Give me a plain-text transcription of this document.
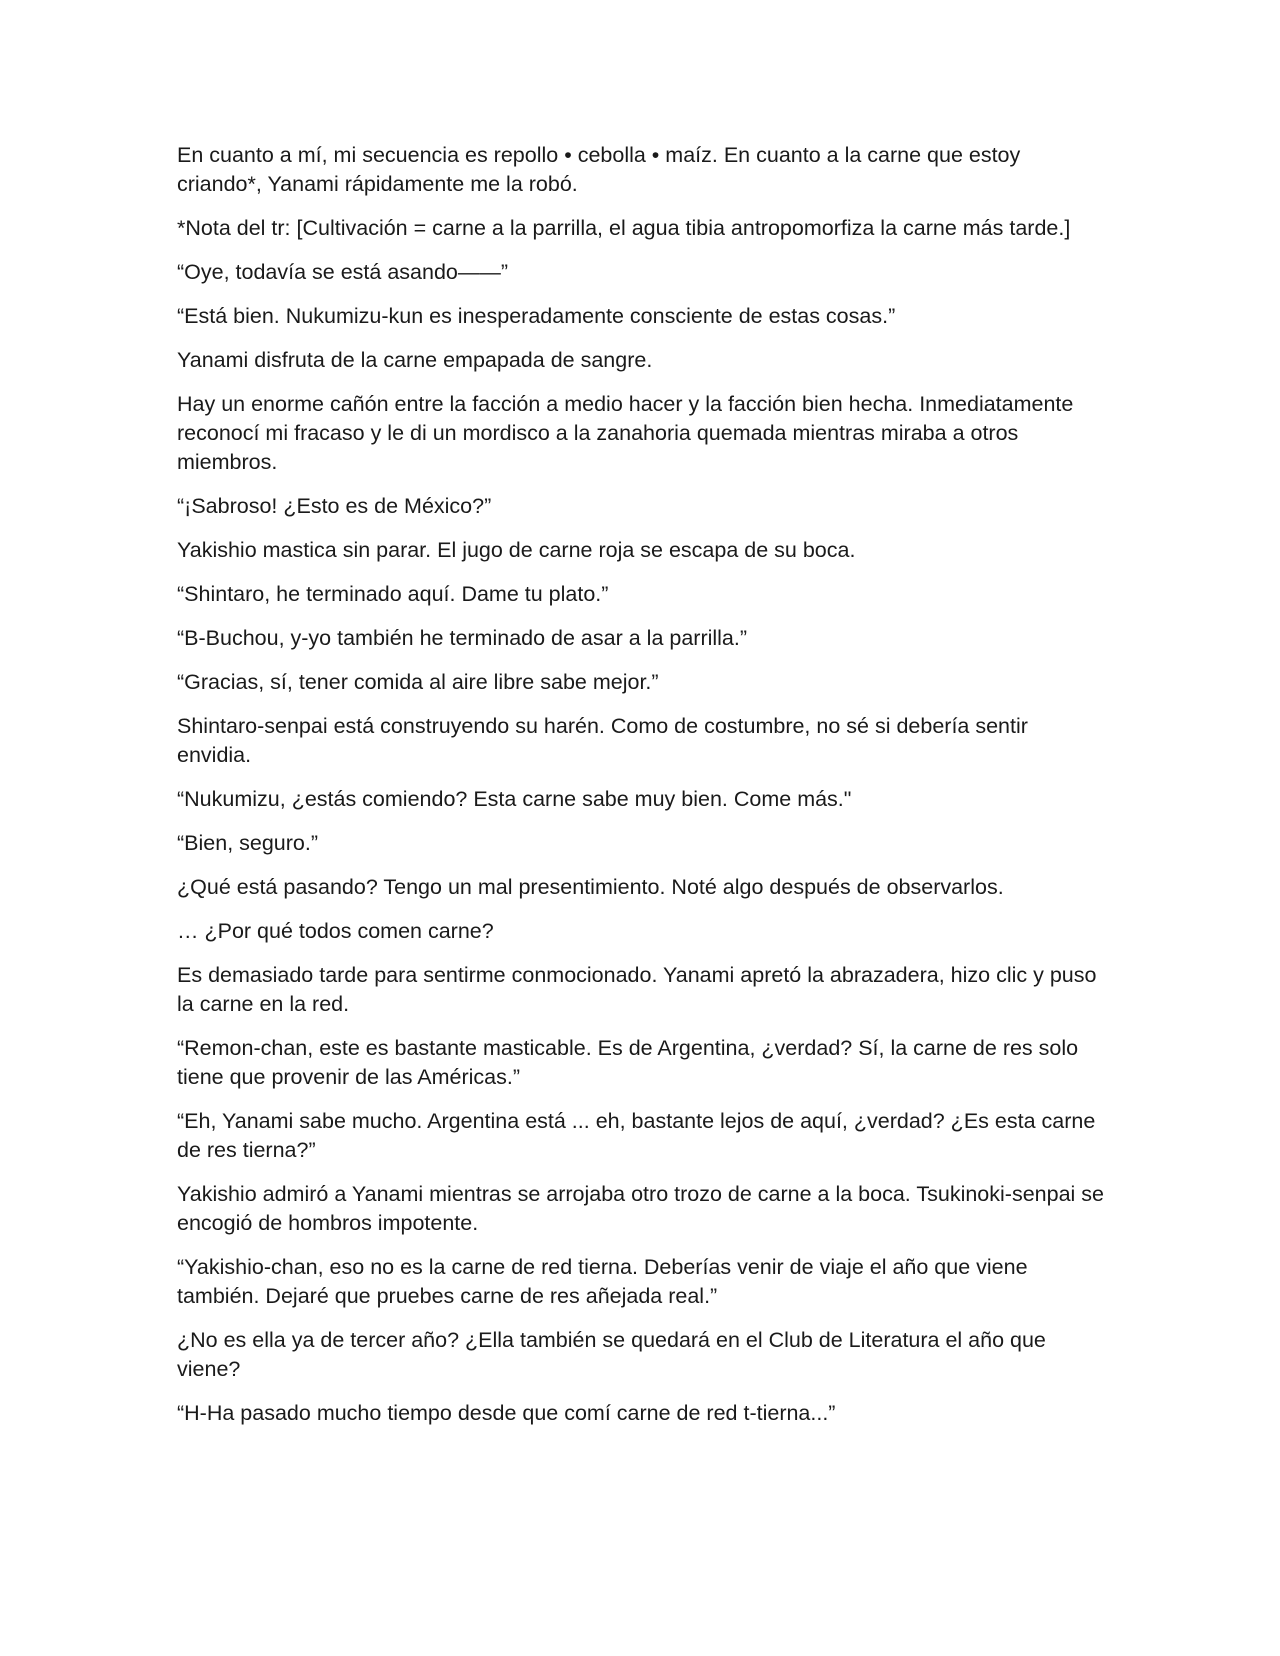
En cuanto a mí, mi secuencia es repollo • cebolla • maíz. En cuanto a la carne que estoy criando*, Yanami rápidamente me la robó.

*Nota del tr: [Cultivación = carne a la parrilla, el agua tibia antropomorfiza la carne más tarde.]

“Oye, todavía se está asando——”

“Está bien. Nukumizu-kun es inesperadamente consciente de estas cosas.”

Yanami disfruta de la carne empapada de sangre.

Hay un enorme cañón entre la facción a medio hacer y la facción bien hecha. Inmediatamente reconocí mi fracaso y le di un mordisco a la zanahoria quemada mientras miraba a otros miembros.

“¡Sabroso! ¿Esto es de México?”

Yakishio mastica sin parar. El jugo de carne roja se escapa de su boca.

“Shintaro, he terminado aquí. Dame tu plato.”

“B-Buchou, y-yo también he terminado de asar a la parrilla.”

“Gracias, sí, tener comida al aire libre sabe mejor.”

Shintaro-senpai está construyendo su harén. Como de costumbre, no sé si debería sentir envidia.

“Nukumizu, ¿estás comiendo? Esta carne sabe muy bien. Come más."

“Bien, seguro.”

¿Qué está pasando? Tengo un mal presentimiento. Noté algo después de observarlos.

… ¿Por qué todos comen carne?

Es demasiado tarde para sentirme conmocionado. Yanami apretó la abrazadera, hizo clic y puso la carne en la red.

“Remon-chan, este es bastante masticable. Es de Argentina, ¿verdad? Sí, la carne de res solo tiene que provenir de las Américas.”

“Eh, Yanami sabe mucho. Argentina está ... eh, bastante lejos de aquí, ¿verdad? ¿Es esta carne de res tierna?”

Yakishio admiró a Yanami mientras se arrojaba otro trozo de carne a la boca. Tsukinoki-senpai se encogió de hombros impotente.

“Yakishio-chan, eso no es la carne de red tierna. Deberías venir de viaje el año que viene también. Dejaré que pruebes carne de res añejada real.”

¿No es ella ya de tercer año? ¿Ella también se quedará en el Club de Literatura el año que viene?

“H-Ha pasado mucho tiempo desde que comí carne de red t-tierna...”
